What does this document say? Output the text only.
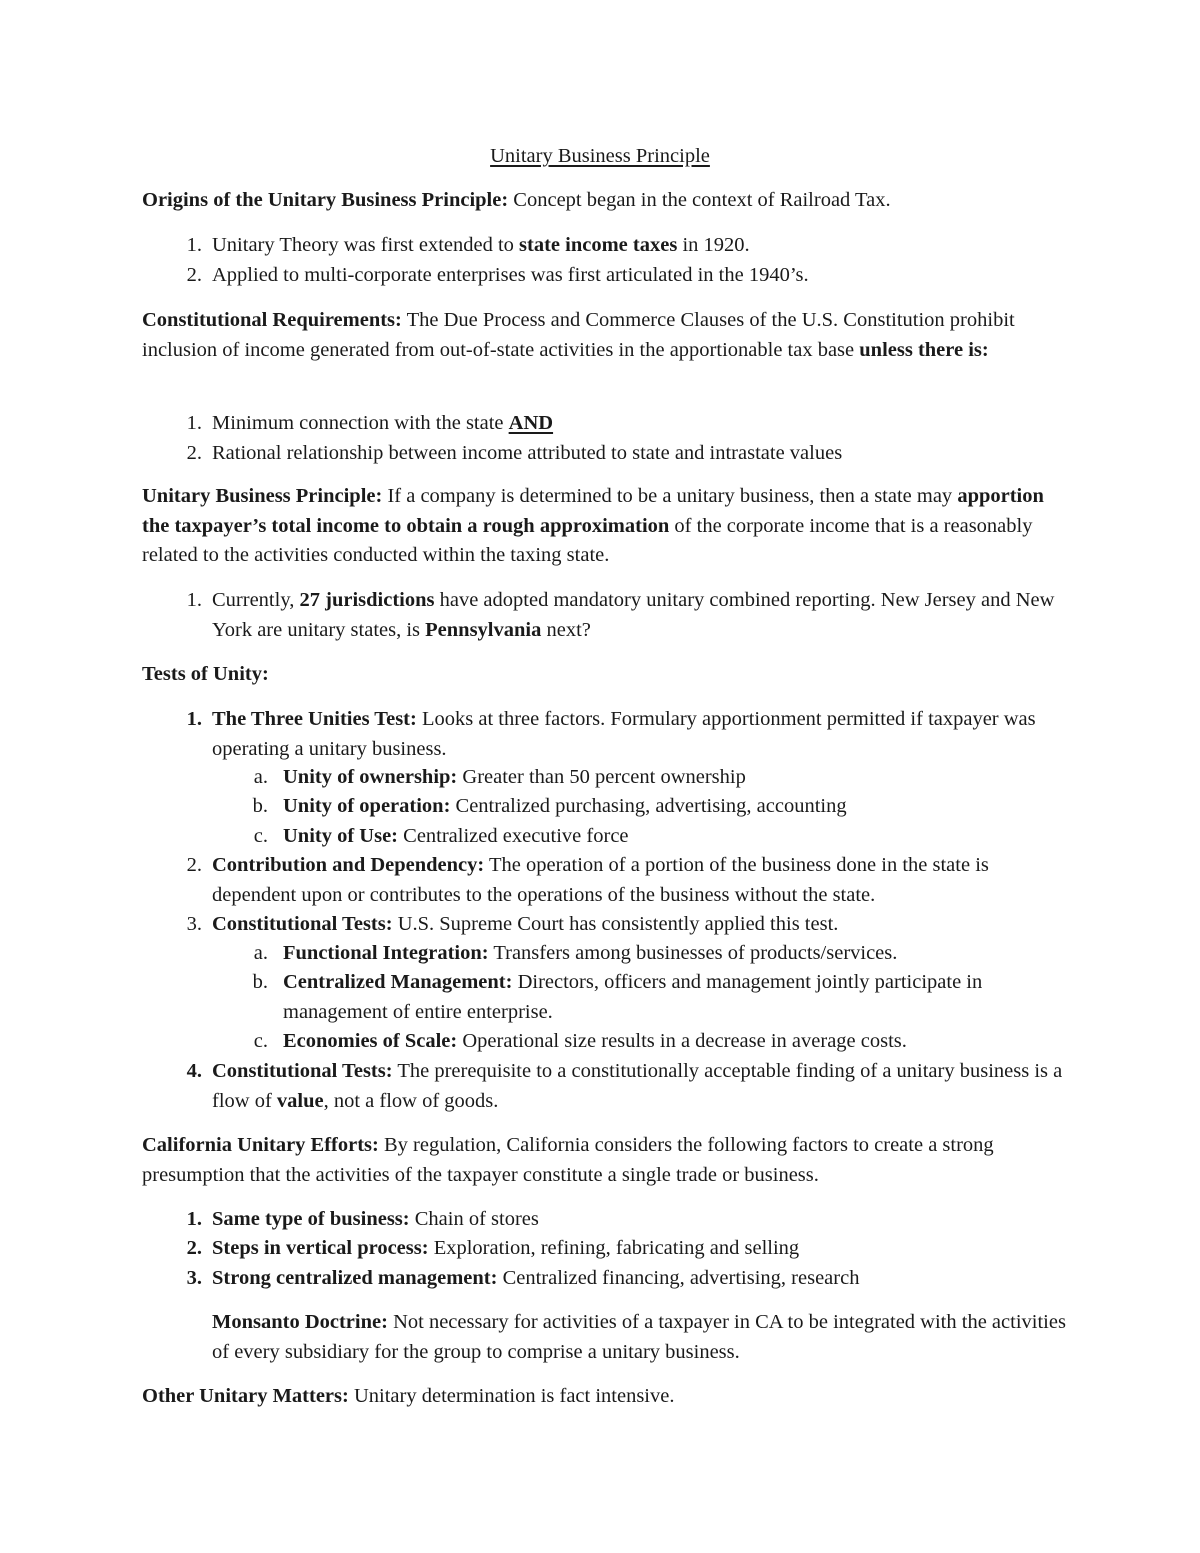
Unitary Business Principle

Origins of the Unitary Business Principle: Concept began in the context of Railroad Tax.

1. Unitary Theory was first extended to state income taxes in 1920.
2. Applied to multi-corporate enterprises was first articulated in the 1940’s.

Constitutional Requirements: The Due Process and Commerce Clauses of the U.S. Constitution prohibit inclusion of income generated from out-of-state activities in the apportionable tax base unless there is:

1. Minimum connection with the state AND
2. Rational relationship between income attributed to state and intrastate values

Unitary Business Principle: If a company is determined to be a unitary business, then a state may apportion the taxpayer’s total income to obtain a rough approximation of the corporate income that is a reasonably related to the activities conducted within the taxing state.

1. Currently, 27 jurisdictions have adopted mandatory unitary combined reporting. New Jersey and New York are unitary states, is Pennsylvania next?

Tests of Unity:

1. The Three Unities Test: Looks at three factors. Formulary apportionment permitted if taxpayer was operating a unitary business.
a. Unity of ownership: Greater than 50 percent ownership
b. Unity of operation: Centralized purchasing, advertising, accounting
c. Unity of Use: Centralized executive force
2. Contribution and Dependency: The operation of a portion of the business done in the state is dependent upon or contributes to the operations of the business without the state.
3. Constitutional Tests: U.S. Supreme Court has consistently applied this test.
a. Functional Integration: Transfers among businesses of products/services.
b. Centralized Management: Directors, officers and management jointly participate in management of entire enterprise.
c. Economies of Scale: Operational size results in a decrease in average costs.
4. Constitutional Tests: The prerequisite to a constitutionally acceptable finding of a unitary business is a flow of value, not a flow of goods.

California Unitary Efforts: By regulation, California considers the following factors to create a strong presumption that the activities of the taxpayer constitute a single trade or business.

1. Same type of business: Chain of stores
2. Steps in vertical process: Exploration, refining, fabricating and selling
3. Strong centralized management: Centralized financing, advertising, research

Monsanto Doctrine: Not necessary for activities of a taxpayer in CA to be integrated with the activities of every subsidiary for the group to comprise a unitary business.

Other Unitary Matters: Unitary determination is fact intensive.
